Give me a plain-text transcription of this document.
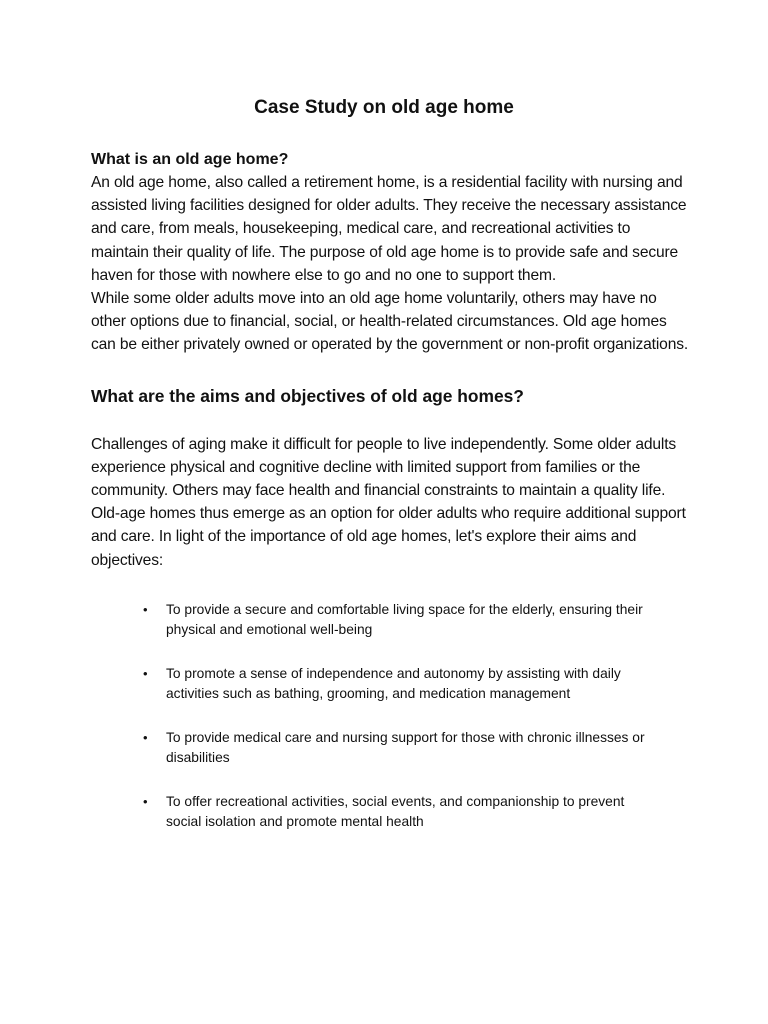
Case Study on old age home

What is an old age home?

An old age home, also called a retirement home, is a residential facility with nursing and assisted living facilities designed for older adults. They receive the necessary assistance and care, from meals, housekeeping, medical care, and recreational activities to maintain their quality of life. The purpose of old age home is to provide safe and secure haven for those with nowhere else to go and no one to support them.

While some older adults move into an old age home voluntarily, others may have no other options due to financial, social, or health-related circumstances. Old age homes can be either privately owned or operated by the government or non-profit organizations.

What are the aims and objectives of old age homes?

Challenges of aging make it difficult for people to live independently. Some older adults experience physical and cognitive decline with limited support from families or the community. Others may face health and financial constraints to maintain a quality life. Old-age homes thus emerge as an option for older adults who require additional support and care. In light of the importance of old age homes, let's explore their aims and objectives:

• To provide a secure and comfortable living space for the elderly, ensuring their physical and emotional well-being
• To promote a sense of independence and autonomy by assisting with daily activities such as bathing, grooming, and medication management
• To provide medical care and nursing support for those with chronic illnesses or disabilities
• To offer recreational activities, social events, and companionship to prevent social isolation and promote mental health
